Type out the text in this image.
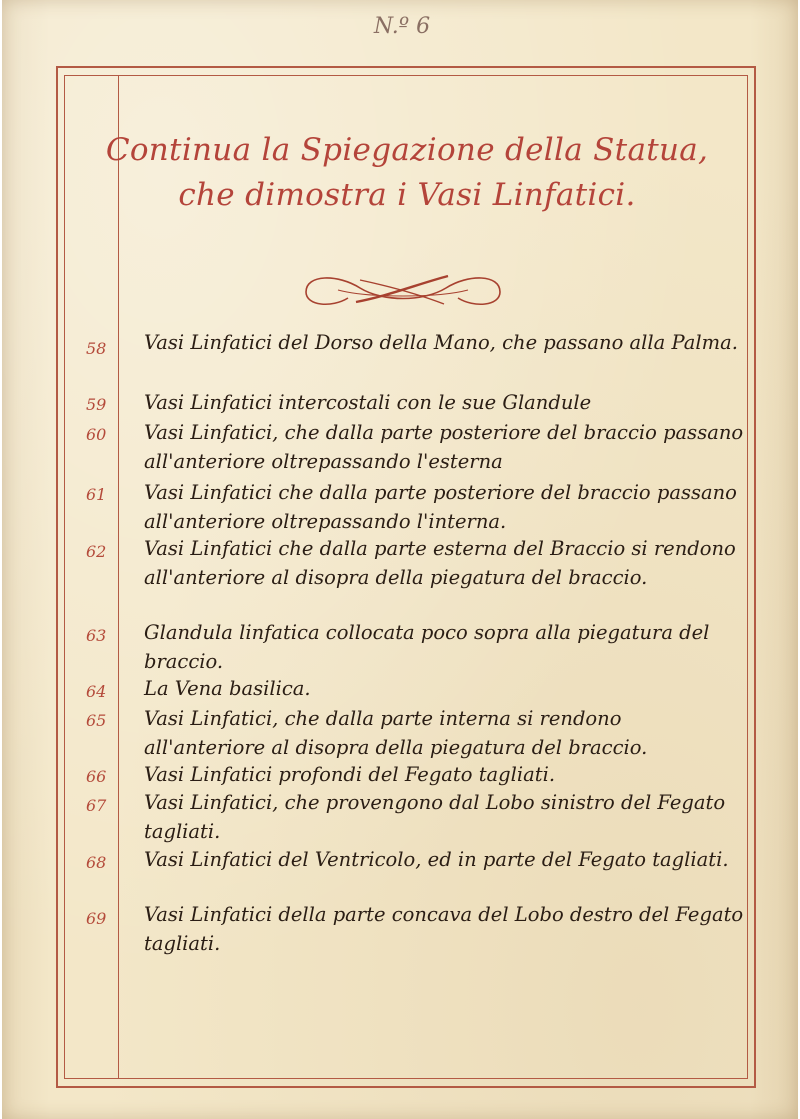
N.º 6
Continua la Spiegazione della Statua, che dimostra i Vasi Linfatici.
58	Vasi Linfatici del Dorso della Mano, che passano alla Palma.
59	Vasi Linfatici intercostali con le sue Glandule
60	Vasi Linfatici, che dalla parte posteriore del braccio passano all'anteriore oltrepassando l'esterna
61	Vasi Linfatici che dalla parte posteriore del braccio passano all'anteriore oltrepassando l'interna.
62	Vasi Linfatici che dalla parte esterna del Braccio si rendono all'anteriore al disopra della piegatura del braccio.
63	Glandula linfatica collocata poco sopra alla piegatura del braccio.
64	La Vena basilica.
65	Vasi Linfatici, che dalla parte interna si rendono all'anteriore al disopra della piegatura del braccio.
66	Vasi Linfatici profondi del Fegato tagliati.
67	Vasi Linfatici, che provengono dal Lobo sinistro del Fegato tagliati.
68	Vasi Linfatici del Ventricolo, ed in parte del Fegato tagliati.
69	Vasi Linfatici della parte concava del Lobo destro del Fegato tagliati.
